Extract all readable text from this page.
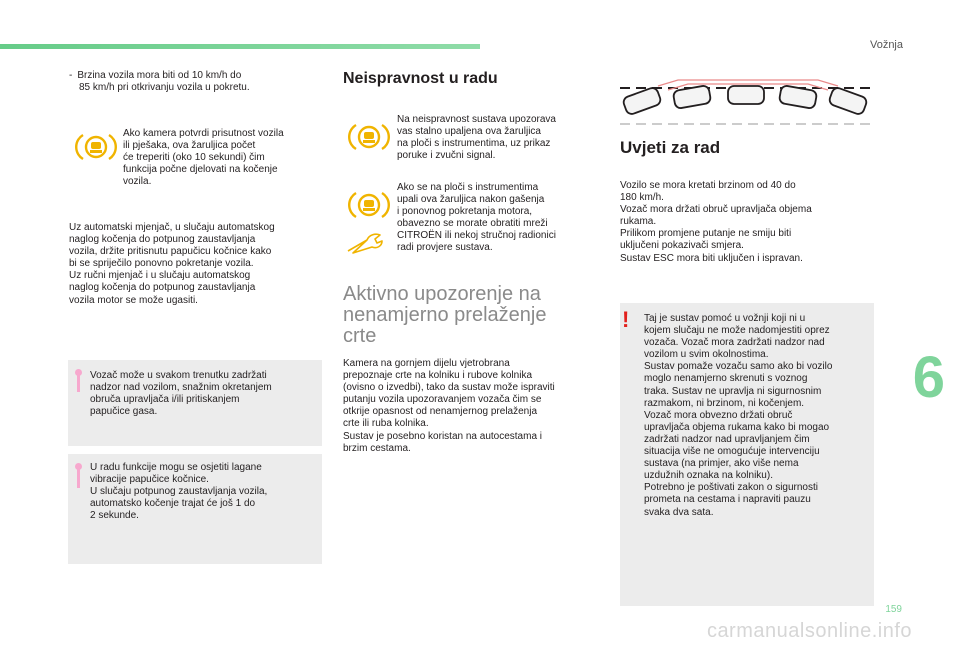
Vožnja
- Brzina vozila mora biti od 10 km/h do
 85 km/h pri otkrivanju vozila u pokretu.
Ako kamera potvrdi prisutnost vozila
ili pješaka, ova žaruljica počet
će treperiti (oko 10 sekundi) čim
funkcija počne djelovati na kočenje
vozila.
Uz automatski mjenjač, u slučaju automatskog
naglog kočenja do potpunog zaustavljanja
vozila, držite pritisnutu papučicu kočnice kako
bi se spriječilo ponovno pokretanje vozila.
Uz ručni mjenjač i u slučaju automatskog
naglog kočenja do potpunog zaustavljanja
vozila motor se može ugasiti.
Vozač može u svakom trenutku zadržati
nadzor nad vozilom, snažnim okretanjem
obruča upravljača i/ili pritiskanjem
papučice gasa.
U radu funkcije mogu se osjetiti lagane
vibracije papučice kočnice.
U slučaju potpunog zaustavljanja vozila,
automatsko kočenje trajat će još 1 do
2 sekunde.
Neispravnost u radu
Na neispravnost sustava upozorava
vas stalno upaljena ova žaruljica
na ploči s instrumentima, uz prikaz
poruke i zvučni signal.
Ako se na ploči s instrumentima
upali ova žaruljica nakon gašenja
i ponovnog pokretanja motora,
obavezno se morate obratiti mreži
CITROËN ili nekoj stručnoj radionici
radi provjere sustava.
Aktivno upozorenje na
nenamjerno prelaženje
crte
Kamera na gornjem dijelu vjetrobrana
prepoznaje crte na kolniku i rubove kolnika
(ovisno o izvedbi), tako da sustav može ispraviti
putanju vozila upozoravanjem vozača čim se
otkrije opasnost od nenamjernog prelaženja
crte ili ruba kolnika.
Sustav je posebno koristan na autocestama i
brzim cestama.
Uvjeti za rad
Vozilo se mora kretati brzinom od 40 do
180 km/h.
Vozač mora držati obruč upravljača objema
rukama.
Prilikom promjene putanje ne smiju biti
uključeni pokazivači smjera.
Sustav ESC mora biti uključen i ispravan.
! Taj je sustav pomoć u vožnji koji ni u
kojem slučaju ne može nadomjestiti oprez
vozača. Vozač mora zadržati nadzor nad
vozilom u svim okolnostima.
Sustav pomaže vozaču samo ako bi vozilo
moglo nenamjerno skrenuti s voznog
traka. Sustav ne upravlja ni sigurnosnim
razmakom, ni brzinom, ni kočenjem.
Vozač mora obvezno držati obruč
upravljača objema rukama kako bi mogao
zadržati nadzor nad upravljanjem čim
situacija više ne omogućuje intervenciju
sustava (na primjer, ako više nema
uzdužnih oznaka na kolniku).
Potrebno je poštivati zakon o sigurnosti
prometa na cestama i napraviti pauzu
svaka dva sata.
6
159
carmanualsonline.info
